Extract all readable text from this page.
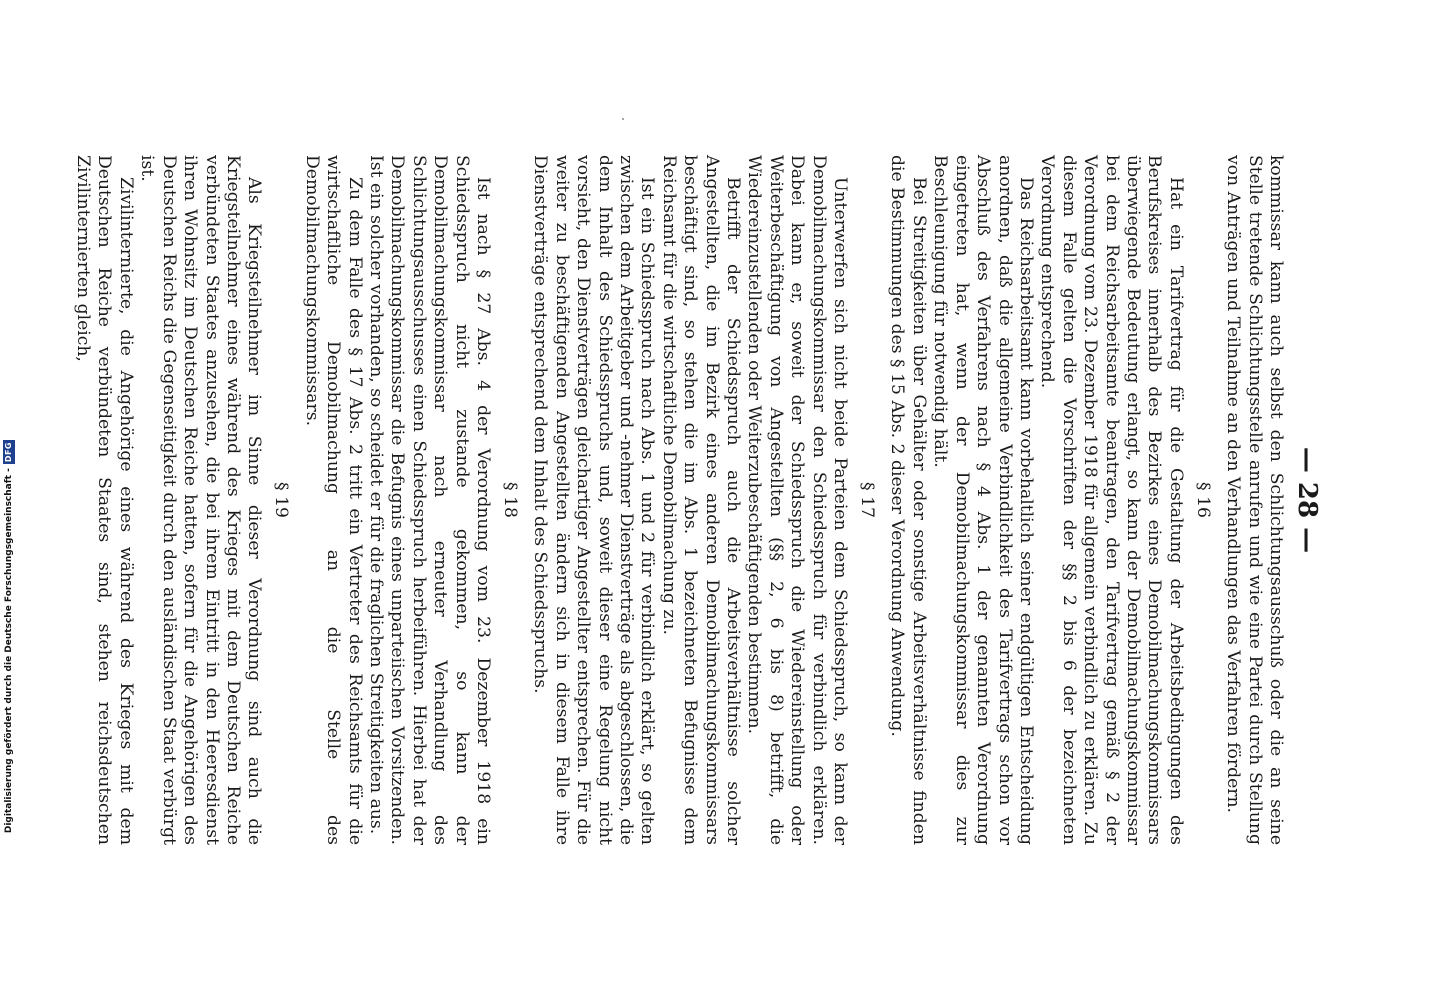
— 28 —

kommissar kann auch selbst den Schlichtungsausschuß oder die an seine Stelle tretende Schlichtungsstelle anrufen und wie eine Partei durch Stellung von Anträgen und Teilnahme an den Verhandlungen das Verfahren fördern.

§ 16

Hat ein Tarifvertrag für die Gestaltung der Arbeitsbedingungen des Berufskreises innerhalb des Bezirkes eines Demobilmachungskommissars überwiegende Bedeutung erlangt, so kann der Demobilmachungskommissar bei dem Reichsarbeitsamte beantragen, den Tarifvertrag gemäß § 2 der Verordnung vom 23. Dezember 1918 für allgemein verbindlich zu erklären. Zu diesem Falle gelten die Vorschriften der §§ 2 bis 6 der bezeichneten Verordnung entsprechend.

Das Reichsarbeitsamt kann vorbehaltlich seiner endgültigen Entscheidung anordnen, daß die allgemeine Verbindlichkeit des Tarifvertrags schon vor Abschluß des Verfahrens nach § 4 Abs. 1 der genannten Verordnung eingetreten hat, wenn der Demobilmachungskommissar dies zur Beschleunigung für notwendig hält.

Bei Streitigkeiten über Gehälter oder sonstige Arbeitsverhältnisse finden die Bestimmungen des § 15 Abs. 2 dieser Verordnung Anwendung.

§ 17

Unterwerfen sich nicht beide Parteien dem Schiedsspruch, so kann der Demobilmachungskommissar den Schiedsspruch für verbindlich erklären. Dabei kann er, soweit der Schiedsspruch die Wiedereinstellung oder Weiterbeschäftigung von Angestellten (§§ 2, 6 bis 8) betrifft, die Wiedereinzustellenden oder Weiterzubeschäftigenden bestimmen.

Betrifft der Schiedsspruch auch die Arbeitsverhältnisse solcher Angestellten, die im Bezirk eines anderen Demobilmachungskommissars beschäftigt sind, so stehen die im Abs. 1 bezeichneten Befugnisse dem Reichsamt für die wirtschaftliche Demobilmachung zu.

Ist ein Schiedsspruch nach Abs. 1 und 2 für verbindlich erklärt, so gelten zwischen dem Arbeitgeber und -nehmer Dienstverträge als abgeschlossen, die dem Inhalt des Schiedsspruchs und, soweit dieser eine Regelung nicht vorsieht, den Dienstverträgen gleichartiger Angestellter entsprechen. Für die weiter zu beschäftigenden Angestellten ändern sich in diesem Falle ihre Dienstverträge entsprechend dem Inhalt des Schiedsspruchs.

§ 18

Ist nach § 27 Abs. 4 der Verordnung vom 23. Dezember 1918 ein Schiedsspruch nicht zustande gekommen, so kann der Demobilmachungskommissar nach erneuter Verhandlung des Schlichtungsausschusses einen Schiedsspruch herbeiführen. Hierbei hat der Demobilmachungskommissar die Befugnis eines unparteiischen Vorsitzenden. Ist ein solcher vorhanden, so scheidet er für die fraglichen Streitigkeiten aus.

Zu dem Falle des § 17 Abs. 2 tritt ein Vertreter des Reichsamts für die wirtschaftliche Demobilmachung an die Stelle des Demobilmachungskommissars.

§ 19

Als Kriegsteilnehmer im Sinne dieser Verordnung sind auch die Kriegsteilnehmer eines während des Krieges mit dem Deutschen Reiche verbündeten Staates anzusehen, die bei ihrem Eintritt in den Heeresdienst ihren Wohnsitz im Deutschen Reiche hatten, sofern für die Angehörigen des Deutschen Reichs die Gegenseitigkeit durch den ausländischen Staat verbürgt ist.

Zivilinternierte, die Angehörige eines während des Krieges mit dem Deutschen Reiche verbündeten Staates sind, stehen reichsdeutschen Zivilinternierten gleich,

Digitalisierung gefördert durch die Deutsche Forschungsgemeinschaft -
DFG
